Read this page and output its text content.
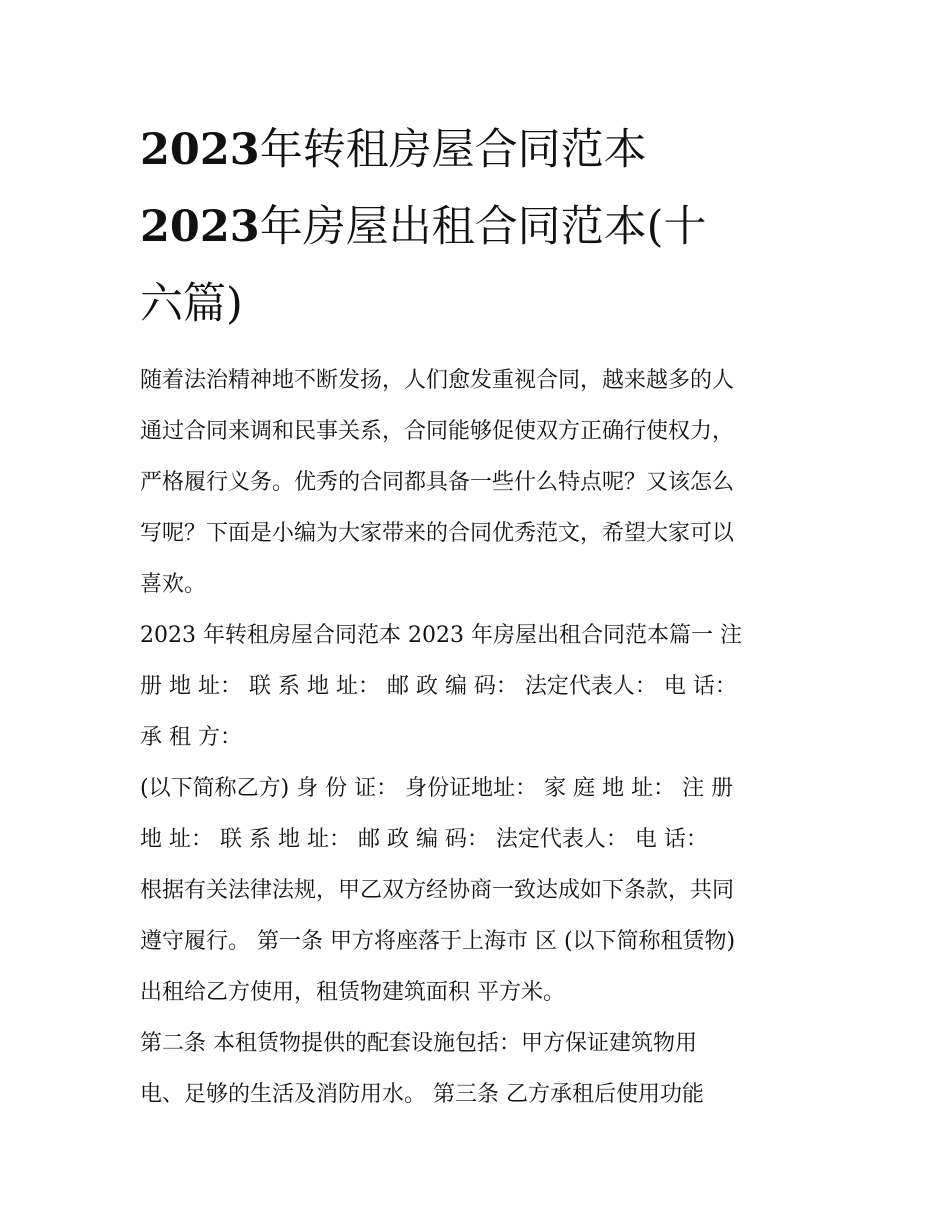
2023年转租房屋合同范本
2023年房屋出租合同范本(十
六篇)

随着法治精神地不断发扬，人们愈发重视合同，越来越多的人

通过合同来调和民事关系，合同能够促使双方正确行使权力，

严格履行义务。优秀的合同都具备一些什么特点呢？又该怎么

写呢？下面是小编为大家带来的合同优秀范文，希望大家可以

喜欢。

2023 年转租房屋合同范本 2023 年房屋出租合同范本篇一 注

册 地 址： 联 系 地 址： 邮 政 编 码： 法定代表人： 电 话：

承 租 方：

(以下简称乙方) 身 份 证： 身份证地址： 家 庭 地 址： 注 册

地 址： 联 系 地 址： 邮 政 编 码： 法定代表人： 电 话：

根据有关法律法规，甲乙双方经协商一致达成如下条款，共同

遵守履行。 第一条 甲方将座落于上海市 区 (以下简称租赁物)

出租给乙方使用，租赁物建筑面积 平方米。

第二条 本租赁物提供的配套设施包括：甲方保证建筑物用

电、足够的生活及消防用水。 第三条 乙方承租后使用功能
